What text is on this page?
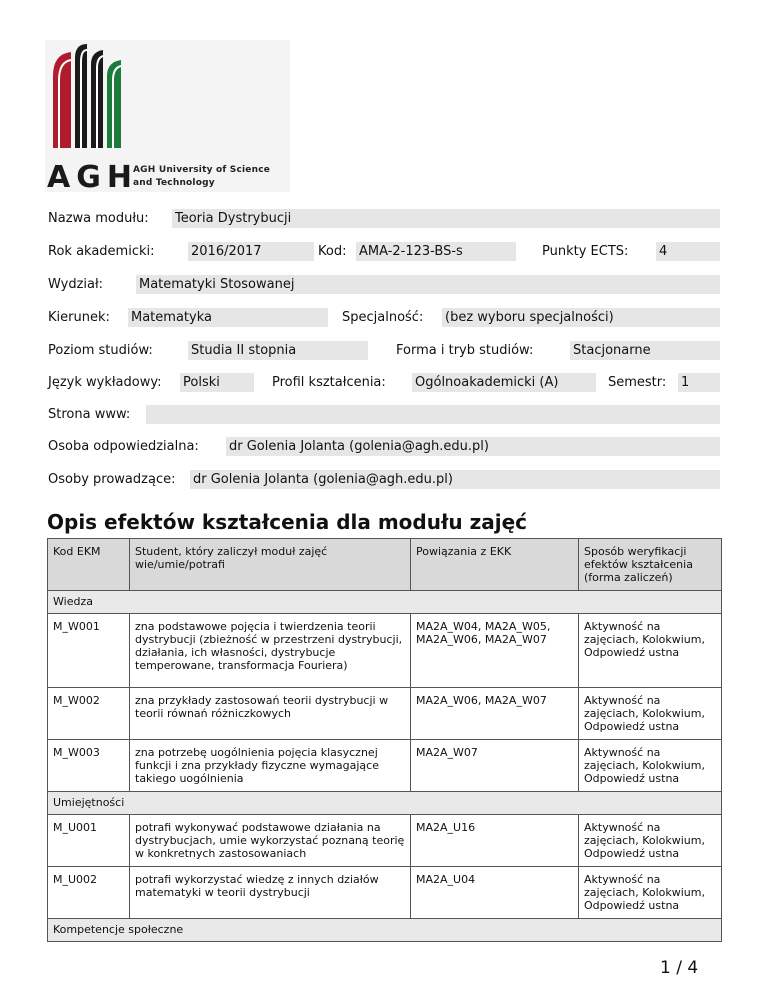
AGH
AGH University of Science
and Technology
Nazwa modułu: Teoria Dystrybucji
Rok akademicki:	2016/2017	Kod: AMA-2-123-BS-s	Punkty ECTS: 4
Wydział:	Matematyki Stosowanej
Kierunek: Matematyka	Specjalność: (bez wyboru specjalności)
Poziom studiów:	Studia II stopnia	Forma i tryb studiów:	Stacjonarne
Język wykładowy: Polski	Profil kształcenia: Ogólnoakademicki (A)	Semestr: 1
Strona www:
Osoba odpowiedzialna: dr Golenia Jolanta (golenia@agh.edu.pl)
Osoby prowadzące: dr Golenia Jolanta (golenia@agh.edu.pl)
Opis efektów kształcenia dla modułu zajęć
Kod EKM	Student, który zaliczył moduł zajęć wie/umie/potrafi	Powiązania z EKK	Sposób weryfikacji efektów kształcenia (forma zaliczeń)
Wiedza			
M_W001	zna podstawowe pojęcia i twierdzenia teorii dystrybucji (zbieżność w przestrzeni dystrybucji, działania, ich własności, dystrybucje temperowane, transformacja Fouriera)	MA2A_W04, MA2A_W05, MA2A_W06, MA2A_W07	Aktywność na zajęciach, Kolokwium, Odpowiedź ustna
M_W002	zna przykłady zastosowań teorii dystrybucji w teorii równań różniczkowych	MA2A_W06, MA2A_W07	Aktywność na zajęciach, Kolokwium, Odpowiedź ustna
M_W003	zna potrzebę uogólnienia pojęcia klasycznej funkcji i zna przykłady fizyczne wymagające takiego uogólnienia	MA2A_W07	Aktywność na zajęciach, Kolokwium, Odpowiedź ustna
Umiejętności			
M_U001	potrafi wykonywać podstawowe działania na dystrybucjach, umie wykorzystać poznaną teorię w konkretnych zastosowaniach	MA2A_U16	Aktywność na zajęciach, Kolokwium, Odpowiedź ustna
M_U002	potrafi wykorzystać wiedzę z innych działów matematyki w teorii dystrybucji	MA2A_U04	Aktywność na zajęciach, Kolokwium, Odpowiedź ustna
Kompetencje społeczne			
1 / 4
